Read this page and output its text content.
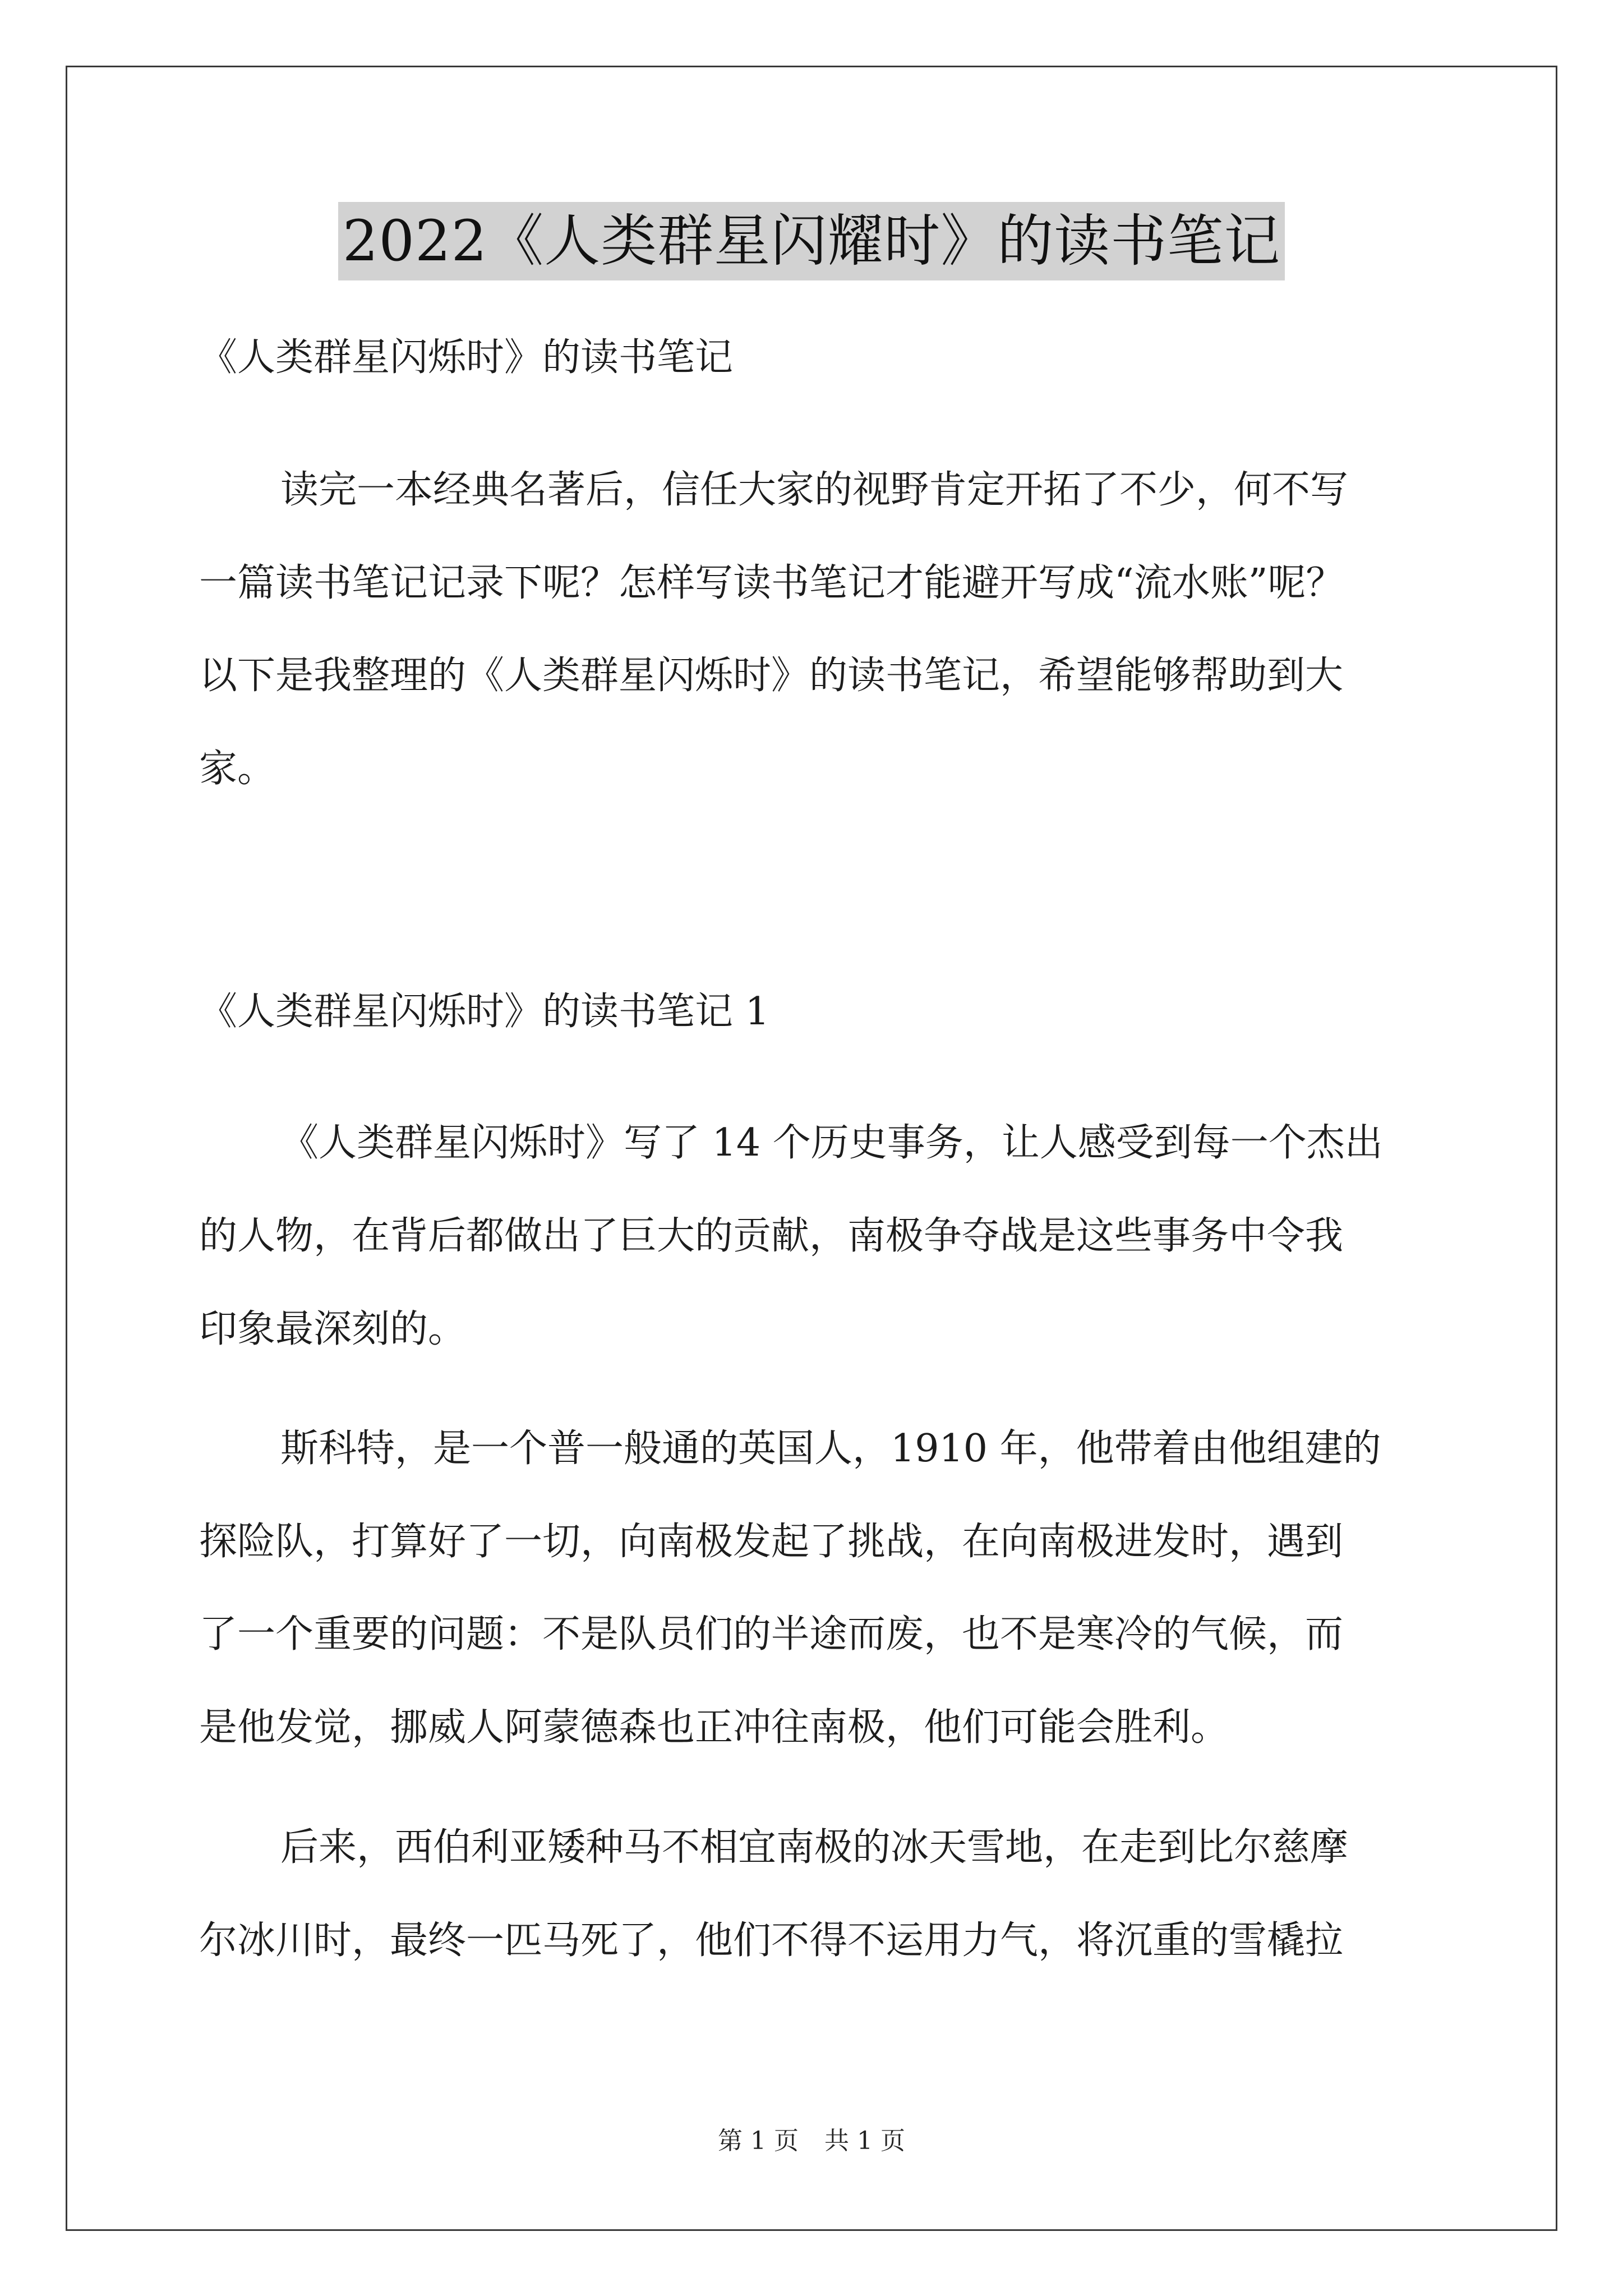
2022《人类群星闪耀时》的读书笔记
《人类群星闪烁时》的读书笔记
读完一本经典名著后，信任大家的视野肯定开拓了不少，何不写
一篇读书笔记记录下呢？怎样写读书笔记才能避开写成“流水账”呢？
以下是我整理的《人类群星闪烁时》的读书笔记，希望能够帮助到大
家。
《人类群星闪烁时》的读书笔记 1
《人类群星闪烁时》写了 14 个历史事务，让人感受到每一个杰出
的人物，在背后都做出了巨大的贡献，南极争夺战是这些事务中令我
印象最深刻的。
斯科特，是一个普一般通的英国人，1910 年，他带着由他组建的
探险队，打算好了一切，向南极发起了挑战，在向南极进发时，遇到
了一个重要的问题：不是队员们的半途而废，也不是寒冷的气候，而
是他发觉，挪威人阿蒙德森也正冲往南极，他们可能会胜利。
后来，西伯利亚矮种马不相宜南极的冰天雪地，在走到比尔慈摩
尔冰川时，最终一匹马死了，他们不得不运用力气，将沉重的雪橇拉
第 1 页 共 1 页
